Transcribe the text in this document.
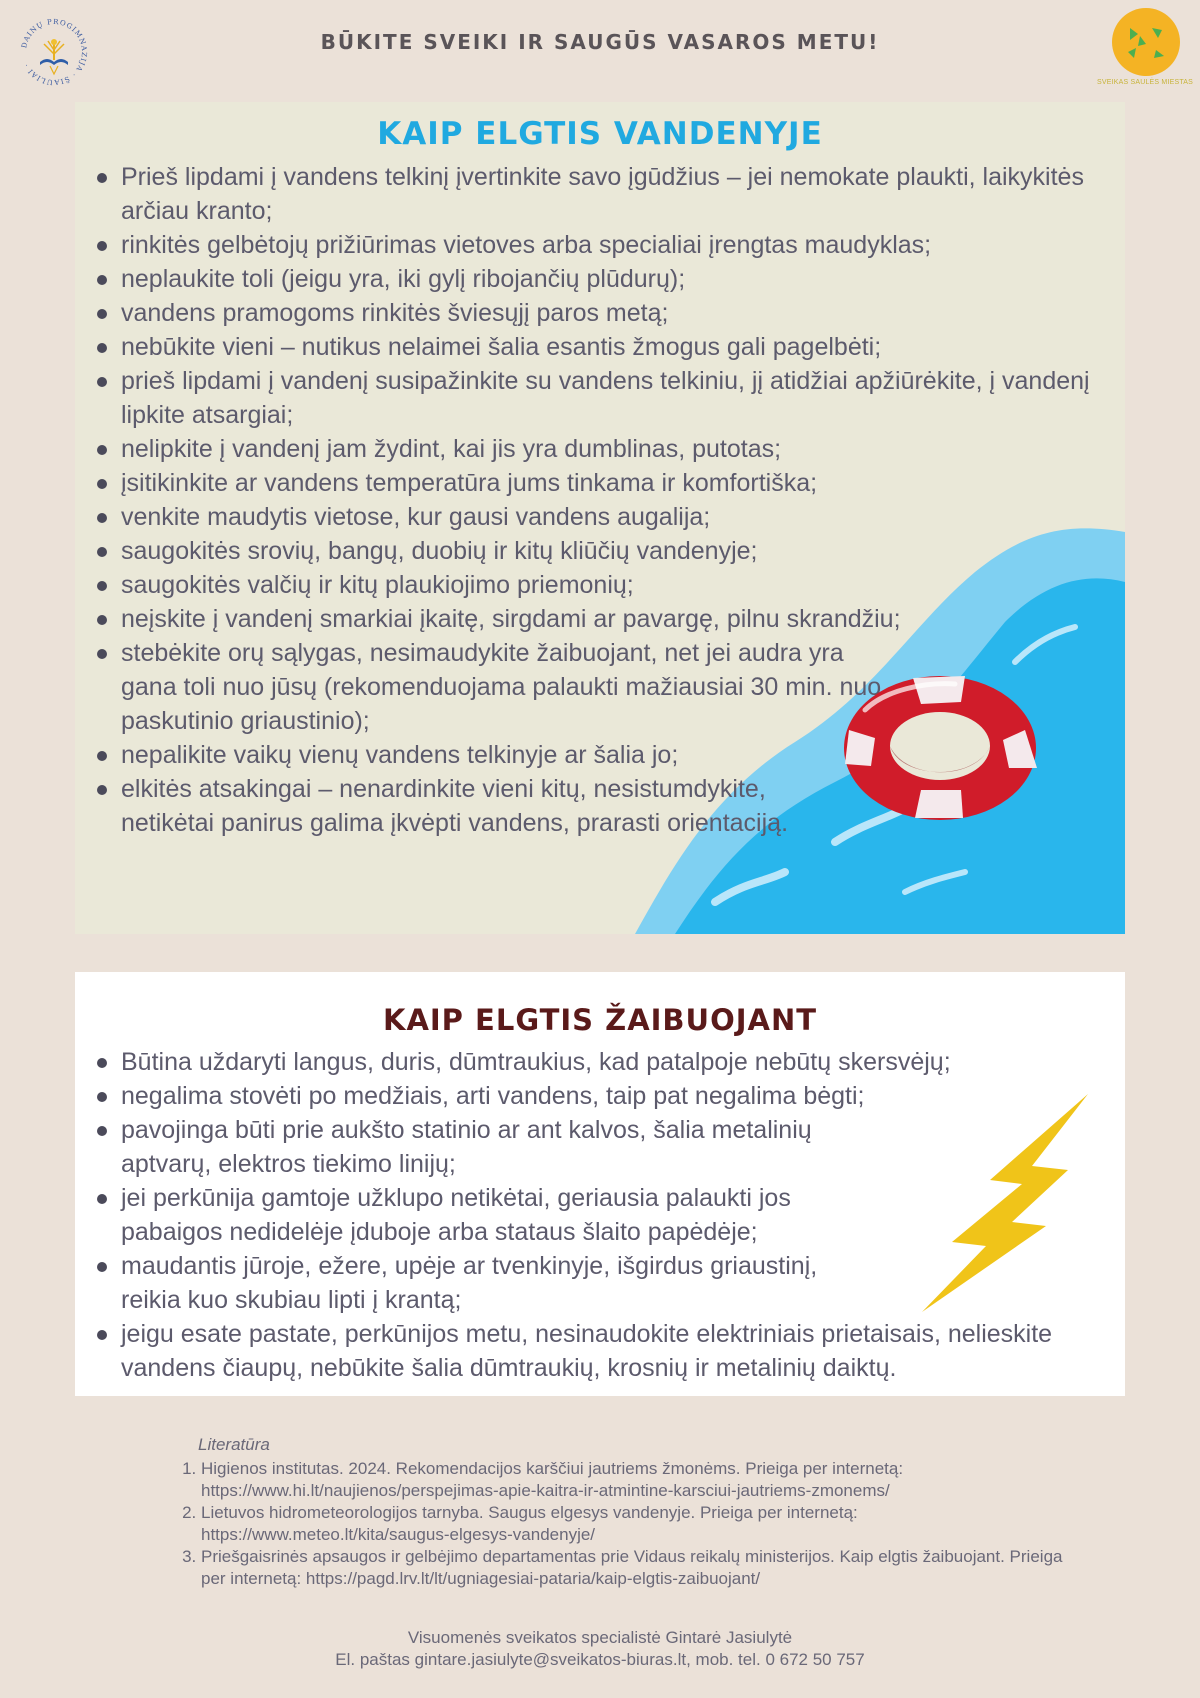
DAINŲ PROGIMNAZIJA · ŠIAULIAI ·
BŪKITE SVEIKI IR SAUGŪS VASAROS METU!
SVEIKAS SAULĖS MIESTAS
KAIP ELGTIS VANDENYJE
Prieš lipdami į vandens telkinį įvertinkite savo įgūdžius – jei nemokate plaukti, laikykitės arčiau kranto;
rinkitės gelbėtojų prižiūrimas vietoves arba specialiai įrengtas maudyklas;
neplaukite toli (jeigu yra, iki gylį ribojančių plūdurų);
vandens pramogoms rinkitės šviesųjį paros metą;
nebūkite vieni – nutikus nelaimei šalia esantis žmogus gali pagelbėti;
prieš lipdami į vandenį susipažinkite su vandens telkiniu, jį atidžiai apžiūrėkite, į vandenį lipkite atsargiai;
nelipkite į vandenį jam žydint, kai jis yra dumblinas, putotas;
įsitikinkite ar vandens temperatūra jums tinkama ir komfortiška;
venkite maudytis vietose, kur gausi vandens augalija;
saugokitės srovių, bangų, duobių ir kitų kliūčių vandenyje;
saugokitės valčių ir kitų plaukiojimo priemonių;
neįskite į vandenį smarkiai įkaitę, sirgdami ar pavargę, pilnu skrandžiu;
stebėkite orų sąlygas, nesimaudykite žaibuojant, net jei audra yra gana toli nuo jūsų (rekomenduojama palaukti mažiausiai 30 min. nuo paskutinio griaustinio);
nepalikite vaikų vienų vandens telkinyje ar šalia jo;
elkitės atsakingai – nenardinkite vieni kitų, nesistumdykite, netikėtai panirus galima įkvėpti vandens, prarasti orientaciją.
KAIP ELGTIS ŽAIBUOJANT
Būtina uždaryti langus, duris, dūmtraukius, kad patalpoje nebūtų skersvėjų;
negalima stovėti po medžiais, arti vandens, taip pat negalima bėgti;
pavojinga būti prie aukšto statinio ar ant kalvos, šalia metalinių aptvarų, elektros tiekimo linijų;
jei perkūnija gamtoje užklupo netikėtai, geriausia palaukti jos pabaigos nedidelėje įduboje arba stataus šlaito papėdėje;
maudantis jūroje, ežere, upėje ar tvenkinyje, išgirdus griaustinį, reikia kuo skubiau lipti į krantą;
jeigu esate pastate, perkūnijos metu, nesinaudokite elektriniais prietaisais, nelieskite vandens čiaupų, nebūkite šalia dūmtraukių, krosnių ir metalinių daiktų.
Literatūra
1. Higienos institutas. 2024. Rekomendacijos karščiui jautriems žmonėms. Prieiga per internetą: https://www.hi.lt/naujienos/perspejimas-apie-kaitra-ir-atmintine-karsciui-jautriems-zmonems/
2. Lietuvos hidrometeorologijos tarnyba. Saugus elgesys vandenyje. Prieiga per internetą: https://www.meteo.lt/kita/saugus-elgesys-vandenyje/
3. Priešgaisrinės apsaugos ir gelbėjimo departamentas prie Vidaus reikalų ministerijos. Kaip elgtis žaibuojant. Prieiga per internetą: https://pagd.lrv.lt/lt/ugniagesiai-pataria/kaip-elgtis-zaibuojant/
Visuomenės sveikatos specialistė Gintarė Jasiulytė
El. paštas gintare.jasiulyte@sveikatos-biuras.lt, mob. tel. 0 672 50 757
